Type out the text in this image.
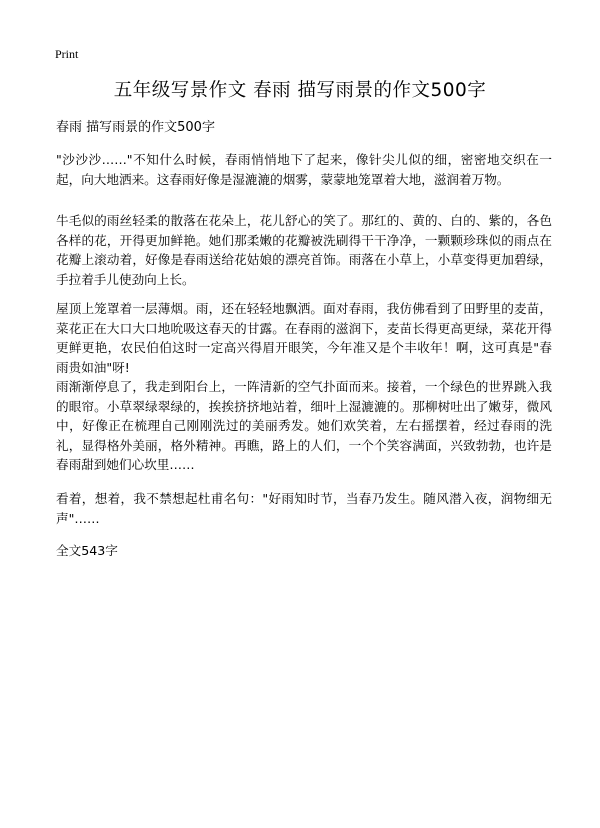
Print
五年级写景作文 春雨 描写雨景的作文500字

春雨 描写雨景的作文500字

"沙沙沙……"不知什么时候，春雨悄悄地下了起来，像针尖儿似的细，密密地交织在一起，向大地洒来。这春雨好像是湿漉漉的烟雾，蒙蒙地笼罩着大地，滋润着万物。

牛毛似的雨丝轻柔的散落在花朵上，花儿舒心的笑了。那红的、黄的、白的、紫的，各色各样的花，开得更加鲜艳。她们那柔嫩的花瓣被洗刷得干干净净，一颗颗珍珠似的雨点在花瓣上滚动着，好像是春雨送给花姑娘的漂亮首饰。雨落在小草上，小草变得更加碧绿，手拉着手儿使劲向上长。

屋顶上笼罩着一层薄烟。雨，还在轻轻地飘洒。面对春雨，我仿佛看到了田野里的麦苗，菜花正在大口大口地吮吸这春天的甘露。在春雨的滋润下，麦苗长得更高更绿，菜花开得更鲜更艳，农民伯伯这时一定高兴得眉开眼笑，今年准又是个丰收年！啊，这可真是"春雨贵如油"呀!

雨渐渐停息了，我走到阳台上，一阵清新的空气扑面而来。接着，一个绿色的世界跳入我的眼帘。小草翠绿翠绿的，挨挨挤挤地站着，细叶上湿漉漉的。那柳树吐出了嫩芽，微风中，好像正在梳理自己刚刚洗过的美丽秀发。她们欢笑着，左右摇摆着，经过春雨的洗礼，显得格外美丽，格外精神。再瞧，路上的人们，一个个笑容满面，兴致勃勃，也许是春雨甜到她们心坎里……

看着，想着，我不禁想起杜甫名句："好雨知时节，当春乃发生。随风潜入夜，润物细无声"……

全文543字
